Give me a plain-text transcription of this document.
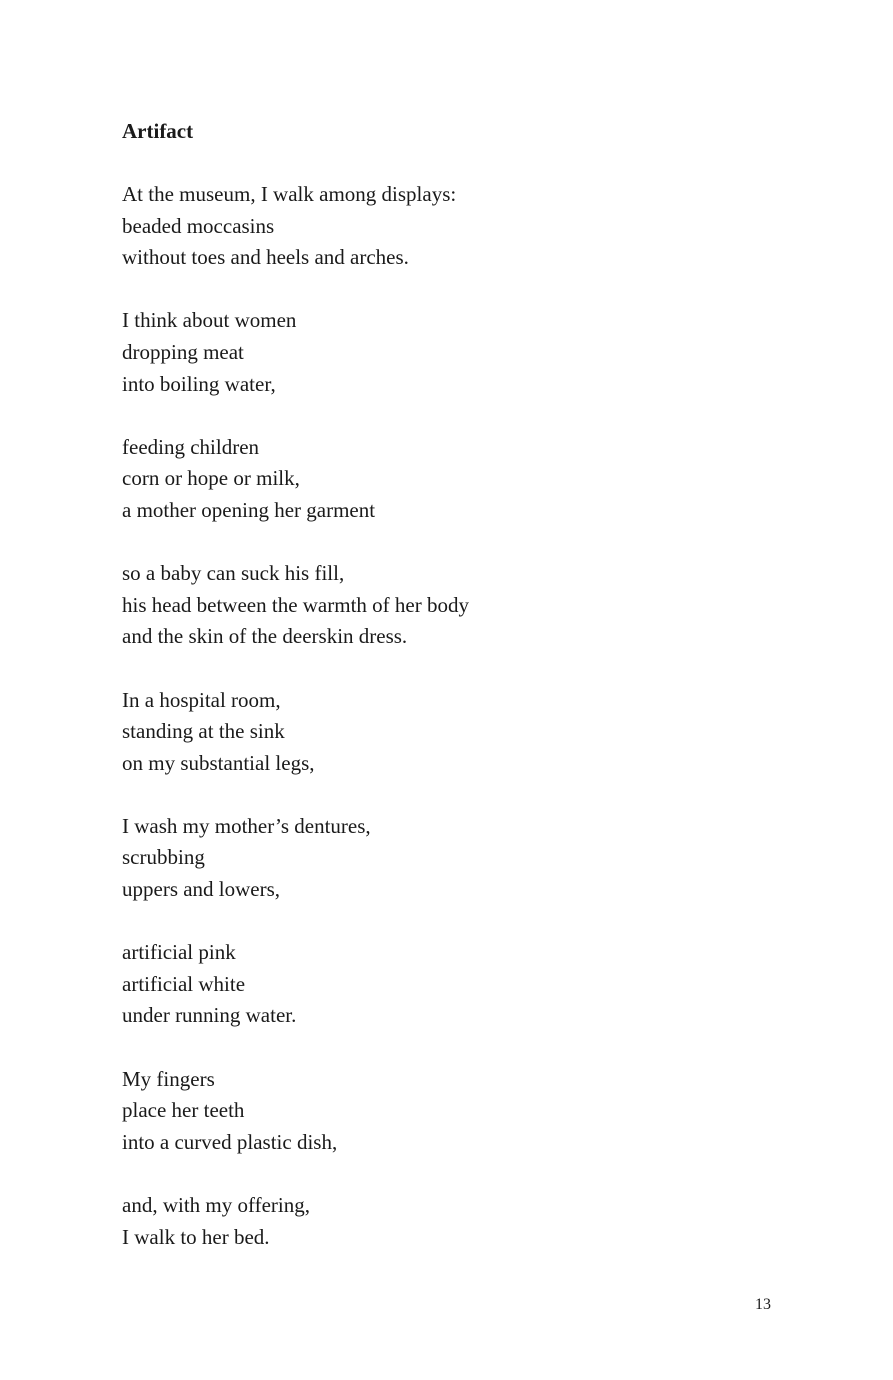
Artifact
At the museum, I walk among displays:
beaded moccasins
without toes and heels and arches.
I think about women
dropping meat
into boiling water,
feeding children
corn or hope or milk,
a mother opening her garment
so a baby can suck his fill,
his head between the warmth of her body
and the skin of the deerskin dress.
In a hospital room,
standing at the sink
on my substantial legs,
I wash my mother’s dentures,
scrubbing
uppers and lowers,
artificial pink
artificial white
under running water.
My fingers
place her teeth
into a curved plastic dish,
and, with my offering,
I walk to her bed.
13
